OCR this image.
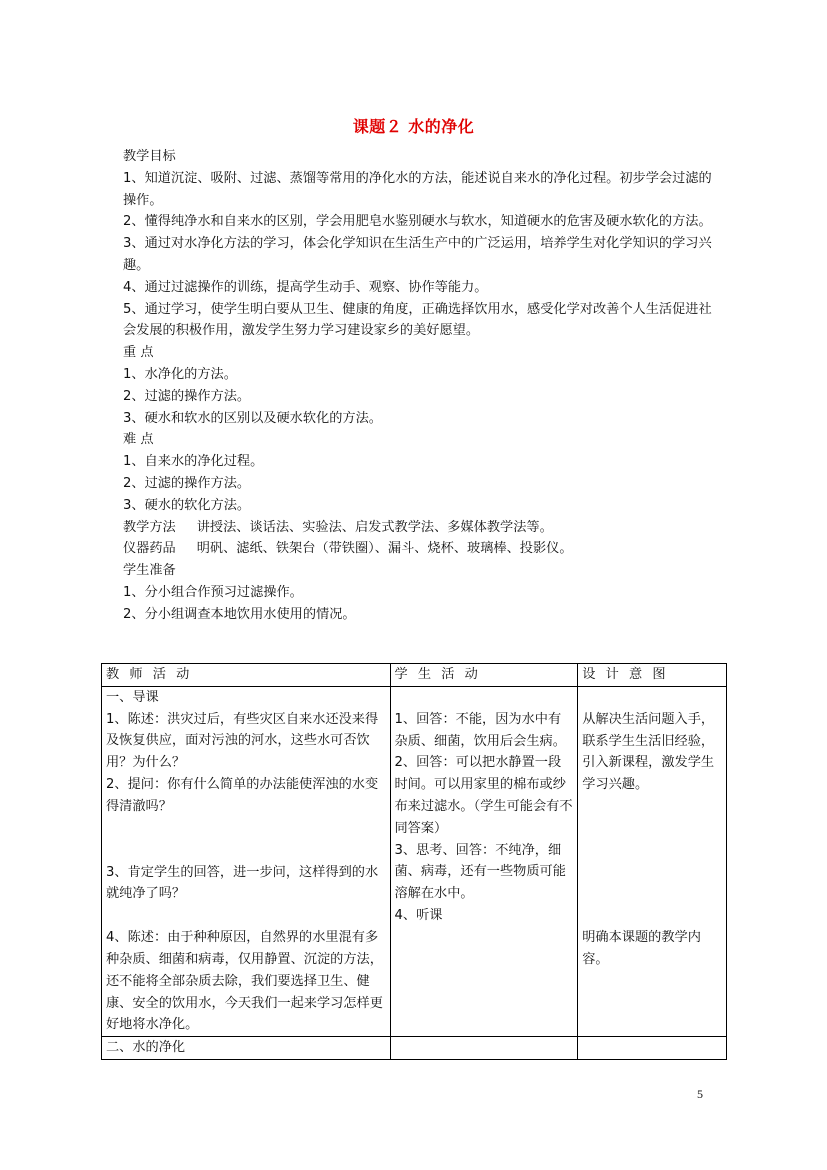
课题２ 水的净化

教学目标

1、知道沉淀、吸附、过滤、蒸馏等常用的净化水的方法，能述说自来水的净化过程。初步学会过滤的操作。

2、懂得纯净水和自来水的区别，学会用肥皂水鉴别硬水与软水，知道硬水的危害及硬水软化的方法。

3、通过对水净化方法的学习，体会化学知识在生活生产中的广泛运用，培养学生对化学知识的学习兴趣。

4、通过过滤操作的训练，提高学生动手、观察、协作等能力。

5、通过学习，使学生明白要从卫生、健康的角度，正确选择饮用水，感受化学对改善个人生活促进社会发展的积极作用，激发学生努力学习建设家乡的美好愿望。

重 点

1、水净化的方法。

2、过滤的操作方法。

3、硬水和软水的区别以及硬水软化的方法。

难 点

1、自来水的净化过程。

2、过滤的操作方法。

3、硬水的软化方法。

教学方法 讲授法、谈话法、实验法、启发式教学法、多媒体教学法等。

仪器药品 明矾、滤纸、铁架台（带铁圈）、漏斗、烧杯、玻璃棒、投影仪。

学生准备

1、分小组合作预习过滤操作。

2、分小组调查本地饮用水使用的情况。

教 师 活 动	学 生 活 动	设 计 意 图

一、导课
1、陈述：洪灾过后，有些灾区自来水还没来得及恢复供应，面对污浊的河水，这些水可否饮用？为什么？
2、提问：你有什么简单的办法能使浑浊的水变得清澈吗？
3、肯定学生的回答，进一步问，这样得到的水就纯净了吗？
4、陈述：由于种种原因，自然界的水里混有多种杂质、细菌和病毒，仅用静置、沉淀的方法，还不能将全部杂质去除，我们要选择卫生、健康、安全的饮用水，今天我们一起来学习怎样更好地将水净化。	1、回答：不能，因为水中有杂质、细菌，饮用后会生病。
2、回答：可以把水静置一段时间。可以用家里的棉布或纱布来过滤水。（学生可能会有不同答案）
3、思考、回答：不纯净，细菌、病毒，还有一些物质可能溶解在水中。
4、听课	从解决生活问题入手，联系学生生活旧经验，引入新课程，激发学生学习兴趣。
明确本课题的教学内容。

二、水的净化		
5
